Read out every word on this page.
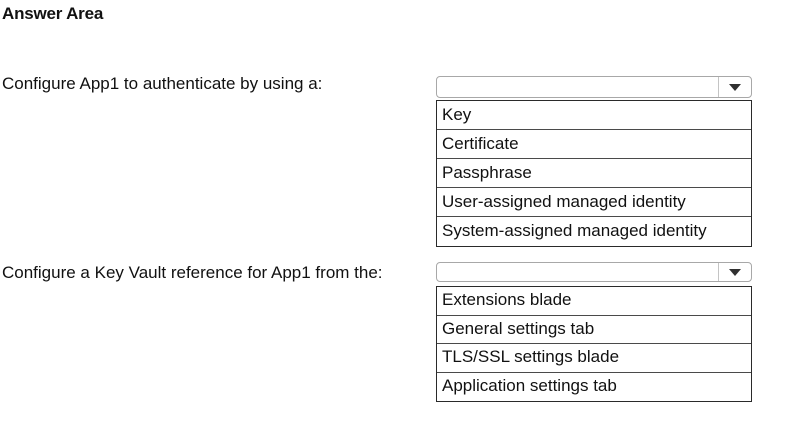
Answer Area
Configure App1 to authenticate by using a:
Key
Certificate
Passphrase
User-assigned managed identity
System-assigned managed identity
Configure a Key Vault reference for App1 from the:
Extensions blade
General settings tab
TLS/SSL settings blade
Application settings tab
